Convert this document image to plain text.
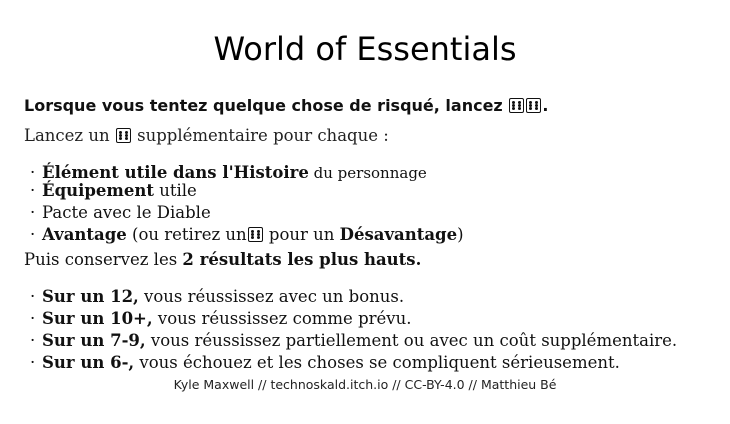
World of Essentials
Lorsque vous tentez quelque chose de risqué, lancez .
Lancez un supplémentaire pour chaque :
· Élément utile dans l'Histoire du personnage
· Équipement utile
· Pacte avec le Diable
· Avantage (ou retirez un
pour un Désavantage)
Puis conservez les 2 résultats les plus hauts.
· Sur un 12, vous réussissez avec un bonus.
· Sur un 10+, vous réussissez comme prévu.
· Sur un 7-9, vous réussissez partiellement ou avec un coût supplémentaire.
· Sur un 6-, vous échouez et les choses se compliquent sérieusement.
Kyle Maxwell // technoskald.itch.io // CC-BY-4.0 // Matthieu Bé
